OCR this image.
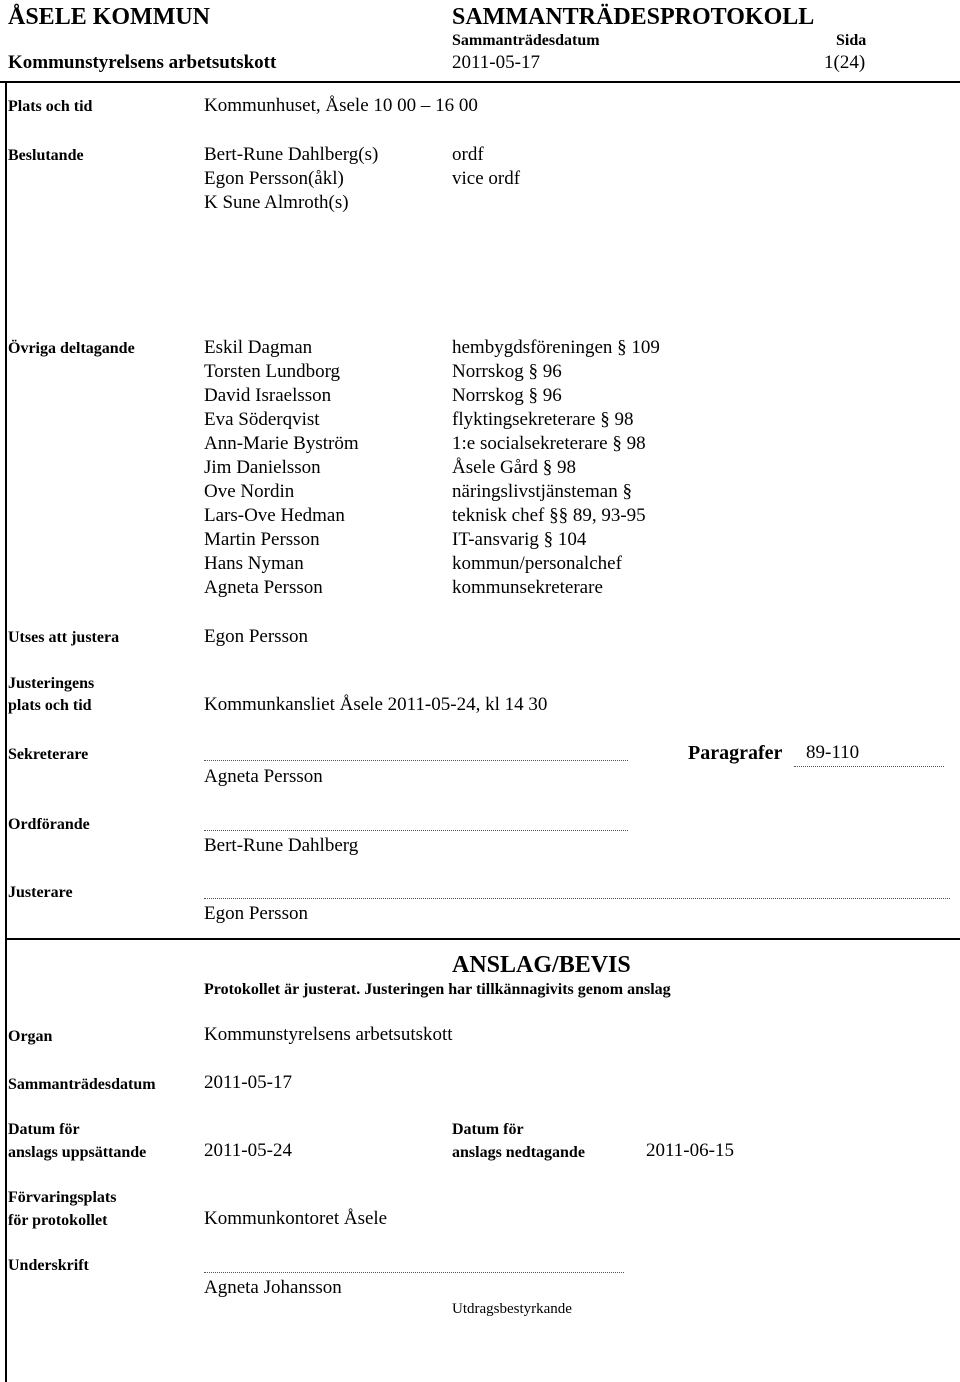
ÅSELE KOMMUN	SAMMANTRÄDESPROTOKOLL
Sammanträdesdatum	Sida
Kommunstyrelsens arbetsutskott	2011-05-17	1(24)
Plats och tid	Kommunhuset, Åsele 10 00 – 16 00
Beslutande	Bert-Rune Dahlberg(s)	ordf
Egon Persson(åkl)	vice ordf
K Sune Almroth(s)
Övriga deltagande	Eskil Dagman	hembygdsföreningen § 109
Torsten Lundborg	Norrskog § 96
David Israelsson	Norrskog § 96
Eva Söderqvist	flyktingsekreterare § 98
Ann-Marie Byström	1:e socialsekreterare § 98
Jim Danielsson	Åsele Gård § 98
Ove Nordin	näringslivstjänsteman §
Lars-Ove Hedman	teknisk chef §§ 89, 93-95
Martin Persson	IT-ansvarig § 104
Hans Nyman	kommun/personalchef
Agneta Persson	kommunsekreterare
Utses att justera	Egon Persson
Justeringens
plats och tid	Kommunkansliet Åsele 2011-05-24, kl 14 30
Sekreterare
Agneta Persson
Paragrafer 89-110
Ordförande
Bert-Rune Dahlberg
Justerare
Egon Persson
ANSLAG/BEVIS
Protokollet är justerat. Justeringen har tillkännagivits genom anslag
Organ	Kommunstyrelsens arbetsutskott
Sammanträdesdatum	2011-05-17
Datum för
anslags uppsättande	2011-05-24
Datum för
anslags nedtagande	2011-06-15
Förvaringsplats
för protokollet	Kommunkontoret Åsele
Underskrift
Agneta Johansson
Utdragsbestyrkande
